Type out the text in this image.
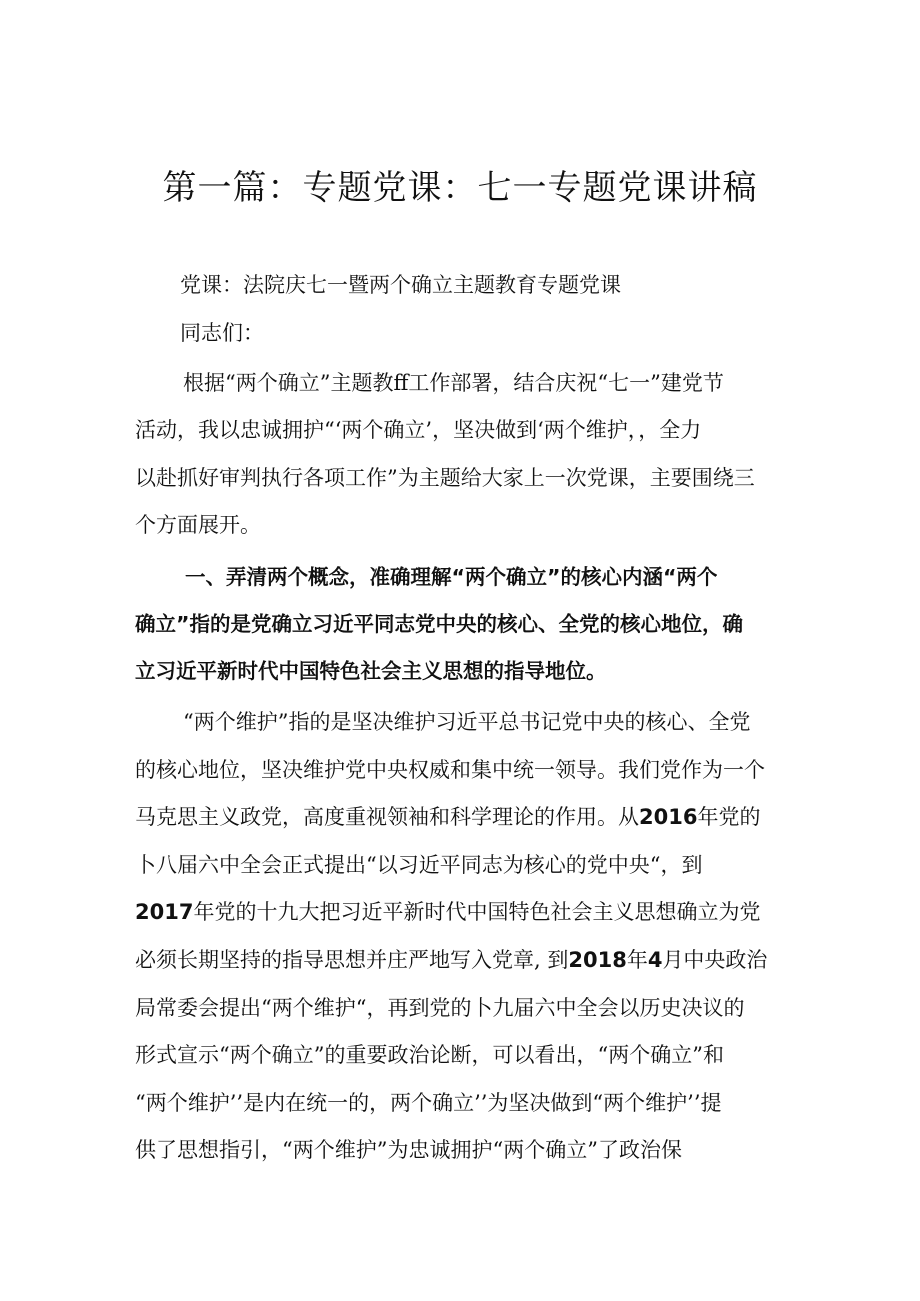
第一篇：专题党课：七一专题党课讲稿
党课：法院庆七一暨两个确立主题教育专题党课
同志们：
根据“两个确立”主题教ff工作部署，结合庆祝“七一”建党节
活动，我以忠诚拥护“‘两个确立’，坚决做到‘两个维护，，全力
以赴抓好审判执行各项工作”为主题给大家上一次党课，主要围绕三
个方面展开。
一、弄清两个概念，准确理解“两个确立”的核心内涵“两个
确立”指的是党确立习近平同志党中央的核心、全党的核心地位，确
立习近平新时代中国特色社会主义思想的指导地位。
“两个维护”指的是坚决维护习近平总书记党中央的核心、全党
的核心地位，坚决维护党中央权威和集中统一领导。我们党作为一个
马克思主义政党，高度重视领袖和科学理论的作用。从2016年党的
卜八届六中全会正式提出“以习近平同志为核心的党中央“，到
2017年党的十九大把习近平新时代中国特色社会主义思想确立为党
必须长期坚持的指导思想并庄严地写入党章, 到2018年4月中央政治
局常委会提出“两个维护“，再到党的卜九届六中全会以历史决议的
形式宣示“两个确立”的重要政治论断，可以看出，“两个确立”和
“两个维护’’是内在统一的，两个确立’’为坚决做到“两个维护’’提
供了思想指引，“两个维护”为忠诚拥护“两个确立”了政治保
